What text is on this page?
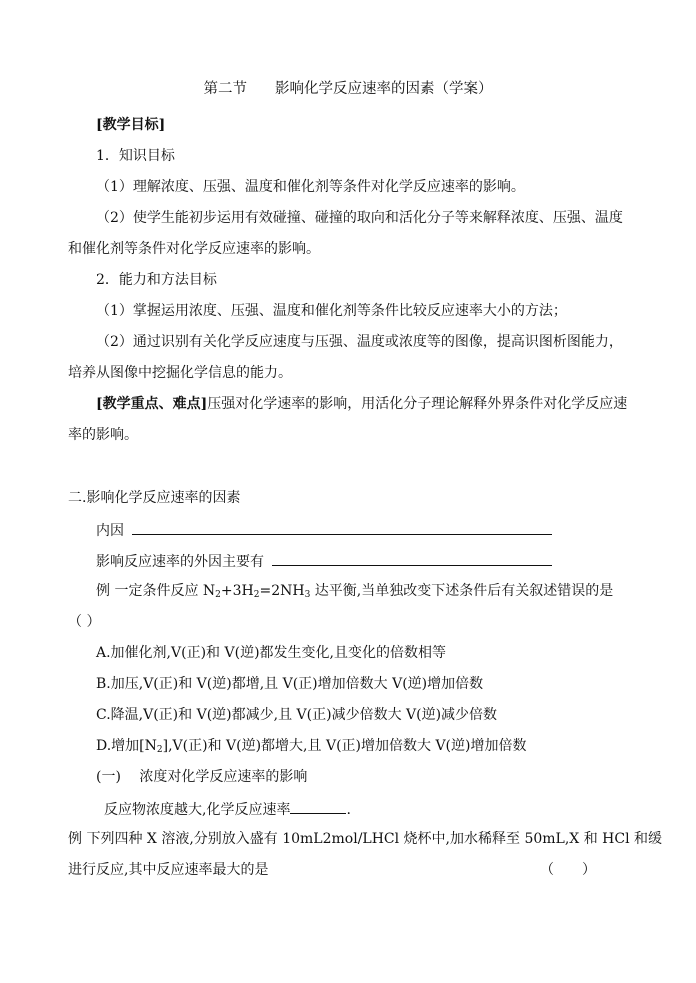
第二节 影响化学反应速率的因素（学案）
[教学目标]
1．知识目标
（1）理解浓度、压强、温度和催化剂等条件对化学反应速率的影响。
（2）使学生能初步运用有效碰撞、碰撞的取向和活化分子等来解释浓度、压强、温度
和催化剂等条件对化学反应速率的影响。
2．能力和方法目标
（1）掌握运用浓度、压强、温度和催化剂等条件比较反应速率大小的方法；
（2）通过识别有关化学反应速度与压强、温度或浓度等的图像，提高识图析图能力，
培养从图像中挖掘化学信息的能力。
[教学重点、难点]压强对化学速率的影响，用活化分子理论解释外界条件对化学反应速
率的影响。
二.影响化学反应速率的因素
内因
影响反应速率的外因主要有
例 一定条件反应 $N_2+3H_2=2NH_3$ 达平衡,当单独改变下述条件后有关叙述错误的是
（ ）
A.加催化剂,V(正)和 V(逆)都发生变化,且变化的倍数相等
B.加压,V(正)和 V(逆)都增,且 V(正)增加倍数大 V(逆)增加倍数
C.降温,V(正)和 V(逆)都减少,且 V(正)减少倍数大 V(逆)减少倍数
D.增加$[N_2],V$(正)和 V(逆)都增大,且 V(正)增加倍数大 V(逆)增加倍数
(一)　 浓度对化学反应速率的影响
反应物浓度越大,化学反应速率	.
例 下列四种 X 溶液,分别放入盛有 10mL2mol/LHCl 烧杯中,加水稀释至 50mL,X 和 HCl 和缓
进行反应,其中反应速率最大的是	（　　）
